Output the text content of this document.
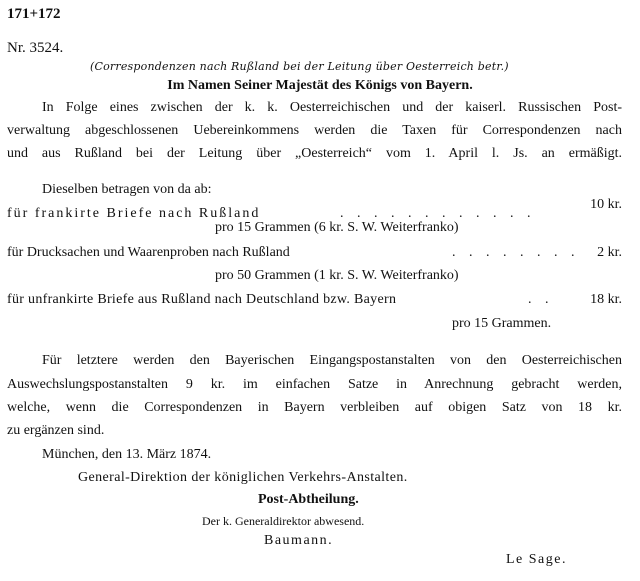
171+172
Nr. 3524.
(Correspondenzen nach Rußland bei der Leitung über Oesterreich betr.)
Im Namen Seiner Majestät des Königs von Bayern.
In Folge eines zwischen der k. k. Oesterreichischen und der kaiserl. Russischen Post-
verwaltung abgeschlossenen Uebereinkommens werden die Taxen für Correspondenzen nach
und aus Rußland bei der Leitung über „Oesterreich“ vom 1. April l. Js. an ermäßigt.
Dieselben betragen von da ab:
für frankirte Briefe nach Rußland	. . . . . . . . . . . .
10 kr.
pro 15 Grammen (6 kr. S. W. Weiterfranko)
für Drucksachen und Waarenproben nach Rußland	. . . . . . . .	2 kr.
pro 50 Grammen (1 kr. S. W. Weiterfranko)
für unfrankirte Briefe aus Rußland nach Deutschland bzw. Bayern	. .	18 kr.
pro 15 Grammen.
Für letztere werden den Bayerischen Eingangspostanstalten von den Oesterreichischen
Auswechslungspostanstalten 9 kr. im einfachen Satze in Anrechnung gebracht werden,
welche, wenn die Correspondenzen in Bayern verbleiben auf obigen Satz von 18 kr.
zu ergänzen sind.
München, den 13. März 1874.
General-Direktion der königlichen Verkehrs-Anstalten.
Post-Abtheilung.
Der k. Generaldirektor abwesend.
Baumann.
Le Sage.
